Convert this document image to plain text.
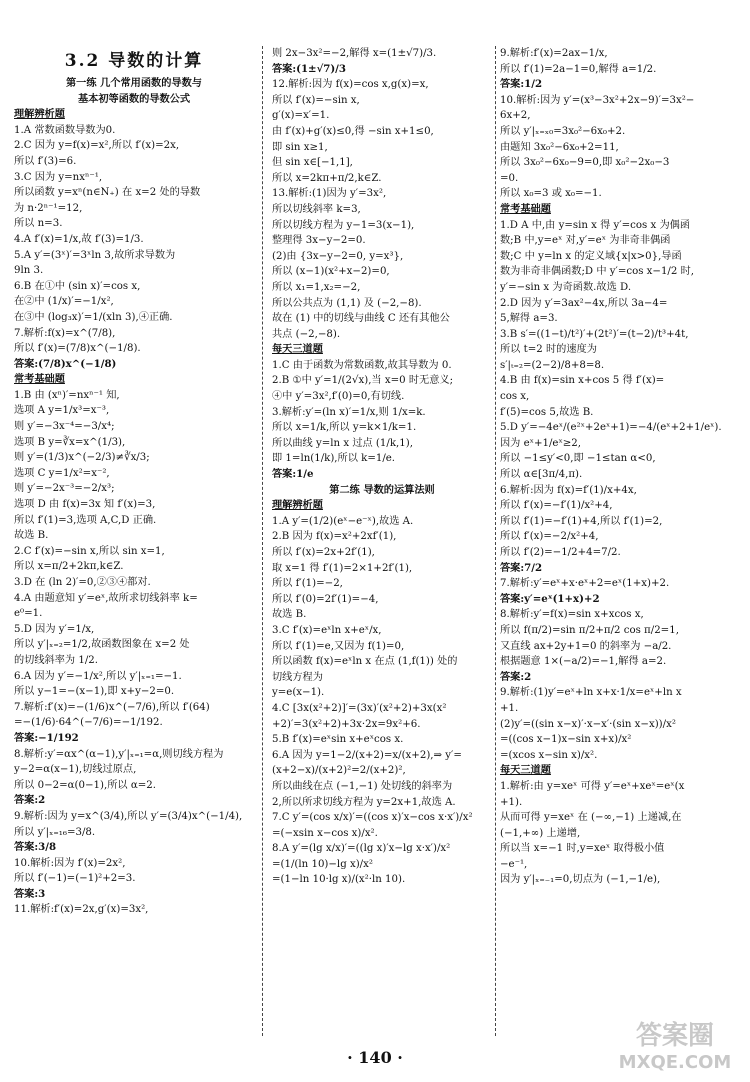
3.2 导数的计算
第一练 几个常用函数的导数与
基本初等函数的导数公式
理解辨析题
1.A 常数函数导数为0.
2.C 因为 y=f(x)=x²,所以 f′(x)=2x,
所以 f′(3)=6.
3.C 因为 y=nxⁿ⁻¹,
所以函数 y=xⁿ(n∈N₊) 在 x=2 处的导数
为 n·2ⁿ⁻¹=12,
所以 n=3.
4.A f′(x)=1/x,故 f′(3)=1/3.
5.A y′=(3ˣ)′=3ˣln 3,故所求导数为
9ln 3.
6.B 在①中 (sin x)′=cos x,
在②中 (1/x)′=−1/x²,
在③中 (log₃x)′=1/(xln 3),④正确.
7.解析:f(x)=x^(7/8),
所以 f′(x)=(7/8)x^(−1/8).
答案:(7/8)x^(−1/8)
常考基础题
1.B 由 (xⁿ)′=nxⁿ⁻¹ 知,
选项 A y=1/x³=x⁻³,
则 y′=−3x⁻⁴=−3/x⁴;
选项 B y=∛x=x^(1/3),
则 y′=(1/3)x^(−2/3)≠∛x/3;
选项 C y=1/x²=x⁻²,
则 y′=−2x⁻³=−2/x³;
选项 D 由 f(x)=3x 知 f′(x)=3,
所以 f′(1)=3,选项 A,C,D 正确.
故选 B.
2.C f′(x)=−sin x,所以 sin x=1,
所以 x=π/2+2kπ,k∈Z.
3.D 在 (ln 2)′=0,②③④都对.
4.A 由题意知 y′=eˣ,故所求切线斜率 k=
e⁰=1.
5.D 因为 y′=1/x,
所以 y′|ₓ₌₂=1/2,故函数图象在 x=2 处
的切线斜率为 1/2.
6.A 因为 y′=−1/x²,所以 y′|ₓ₌₁=−1.
所以 y−1=−(x−1),即 x+y−2=0.
7.解析:f′(x)=−(1/6)x^(−7/6),所以 f′(64)
=−(1/6)·64^(−7/6)=−1/192.
答案:−1/192
8.解析:y′=αx^(α−1),y′|ₓ₌₁=α,则切线方程为
y−2=α(x−1),切线过原点,
所以 0−2=α(0−1),所以 α=2.
答案:2
9.解析:因为 y=x^(3/4),所以 y′=(3/4)x^(−1/4),
所以 y′|ₓ₌₁₆=3/8.
答案:3/8
10.解析:因为 f′(x)=2x²,
所以 f′(−1)=(−1)²+2=3.
答案:3
11.解析:f′(x)=2x,g′(x)=3x²,
则 2x−3x²=−2,解得 x=(1±√7)/3.
答案:(1±√7)/3
12.解析:因为 f(x)=cos x,g(x)=x,
所以 f′(x)=−sin x,
g′(x)=x′=1.
由 f′(x)+g′(x)≤0,得 −sin x+1≤0,
即 sin x≥1,
但 sin x∈[−1,1],
所以 x=2kπ+π/2,k∈Z.
13.解析:(1)因为 y′=3x²,
所以切线斜率 k=3,
所以切线方程为 y−1=3(x−1),
整理得 3x−y−2=0.
(2)由 {3x−y−2=0, y=x³},
所以 (x−1)(x²+x−2)=0,
所以 x₁=1,x₂=−2,
所以公共点为 (1,1) 及 (−2,−8).
故在 (1) 中的切线与曲线 C 还有其他公
共点 (−2,−8).
每天三道题
1.C 由于函数为常数函数,故其导数为 0.
2.B ①中 y′=1/(2√x),当 x=0 时无意义;
④中 y′=3x²,f′(0)=0,有切线.
3.解析:y′=(ln x)′=1/x,则 1/x=k.
所以 x=1/k,所以 y=k×1/k=1.
所以曲线 y=ln x 过点 (1/k,1),
即 1=ln(1/k),所以 k=1/e.
答案:1/e
第二练 导数的运算法则
理解辨析题
1.A y′=(1/2)(eˣ−e⁻ˣ),故选 A.
2.B 因为 f(x)=x²+2xf′(1),
所以 f′(x)=2x+2f′(1),
取 x=1 得 f′(1)=2×1+2f′(1),
所以 f′(1)=−2,
所以 f′(0)=2f′(1)=−4,
故选 B.
3.C f′(x)=eˣln x+eˣ/x,
所以 f′(1)=e,又因为 f(1)=0,
所以函数 f(x)=eˣln x 在点 (1,f(1)) 处的
切线方程为
y=e(x−1).
4.C [3x(x²+2)]′=(3x)′(x²+2)+3x(x²
+2)′=3(x²+2)+3x·2x=9x²+6.
5.B f′(x)=eˣsin x+eˣcos x.
6.A 因为 y=1−2/(x+2)=x/(x+2),⇒ y′=
(x+2−x)/(x+2)²=2/(x+2)²,
所以曲线在点 (−1,−1) 处切线的斜率为
2,所以所求切线方程为 y=2x+1,故选 A.
7.C y′=(cos x/x)′=((cos x)′x−cos x·x′)/x²
=(−xsin x−cos x)/x².
8.A y′=(lg x/x)′=((lg x)′x−lg x·x′)/x²
=(1/(ln 10)−lg x)/x²
=(1−ln 10·lg x)/(x²·ln 10).
9.解析:f′(x)=2ax−1/x,
所以 f′(1)=2a−1=0,解得 a=1/2.
答案:1/2
10.解析:因为 y′=(x³−3x²+2x−9)′=3x²−
6x+2,
所以 y′|ₓ₌ₓ₀=3x₀²−6x₀+2.
由题知 3x₀²−6x₀+2=11,
所以 3x₀²−6x₀−9=0,即 x₀²−2x₀−3
=0.
所以 x₀=3 或 x₀=−1.
常考基础题
1.D A 中,由 y=sin x 得 y′=cos x 为偶函
数;B 中,y=eˣ 对,y′=eˣ 为非奇非偶函
数;C 中 y=ln x 的定义域{x|x>0},导函
数为非奇非偶函数;D 中 y′=cos x−1/2 时,
y′=−sin x 为奇函数.故选 D.
2.D 因为 y′=3ax²−4x,所以 3a−4=
5,解得 a=3.
3.B s′=((1−t)/t²)′+(2t²)′=(t−2)/t³+4t,
所以 t=2 时的速度为
s′|ₜ₌₂=(2−2)/8+8=8.
4.B 由 f(x)=sin x+cos 5 得 f′(x)=
cos x,
f′(5)=cos 5,故选 B.
5.D y′=−4eˣ/(e²ˣ+2eˣ+1)=−4/(eˣ+2+1/eˣ).
因为 eˣ+1/eˣ≥2,
所以 −1≤y′<0,即 −1≤tan α<0,
所以 α∈[3π/4,π).
6.解析:因为 f(x)=f′(1)/x+4x,
所以 f′(x)=−f′(1)/x²+4,
所以 f′(1)=−f′(1)+4,所以 f′(1)=2,
所以 f′(x)=−2/x²+4,
所以 f′(2)=−1/2+4=7/2.
答案:7/2
7.解析:y′=eˣ+x·eˣ+2=eˣ(1+x)+2.
答案:y′=eˣ(1+x)+2
8.解析:y′=f(x)=sin x+xcos x,
所以 f(π/2)=sin π/2+π/2 cos π/2=1,
又直线 ax+2y+1=0 的斜率为 −a/2.
根据题意 1×(−a/2)=−1,解得 a=2.
答案:2
9.解析:(1)y′=eˣ+ln x+x·1/x=eˣ+ln x
+1.
(2)y′=((sin x−x)′·x−x′·(sin x−x))/x²
=((cos x−1)x−sin x+x)/x²
=(xcos x−sin x)/x².
每天三道题
1.解析:由 y=xeˣ 可得 y′=eˣ+xeˣ=eˣ(x
+1).
从而可得 y=xeˣ 在 (−∞,−1) 上递减,在
(−1,+∞) 上递增,
所以当 x=−1 时,y=xeˣ 取得极小值
−e⁻¹,
因为 y′|ₓ₌₋₁=0,切点为 (−1,−1/e),
· 140 ·
答案圈
MXQE.COM
